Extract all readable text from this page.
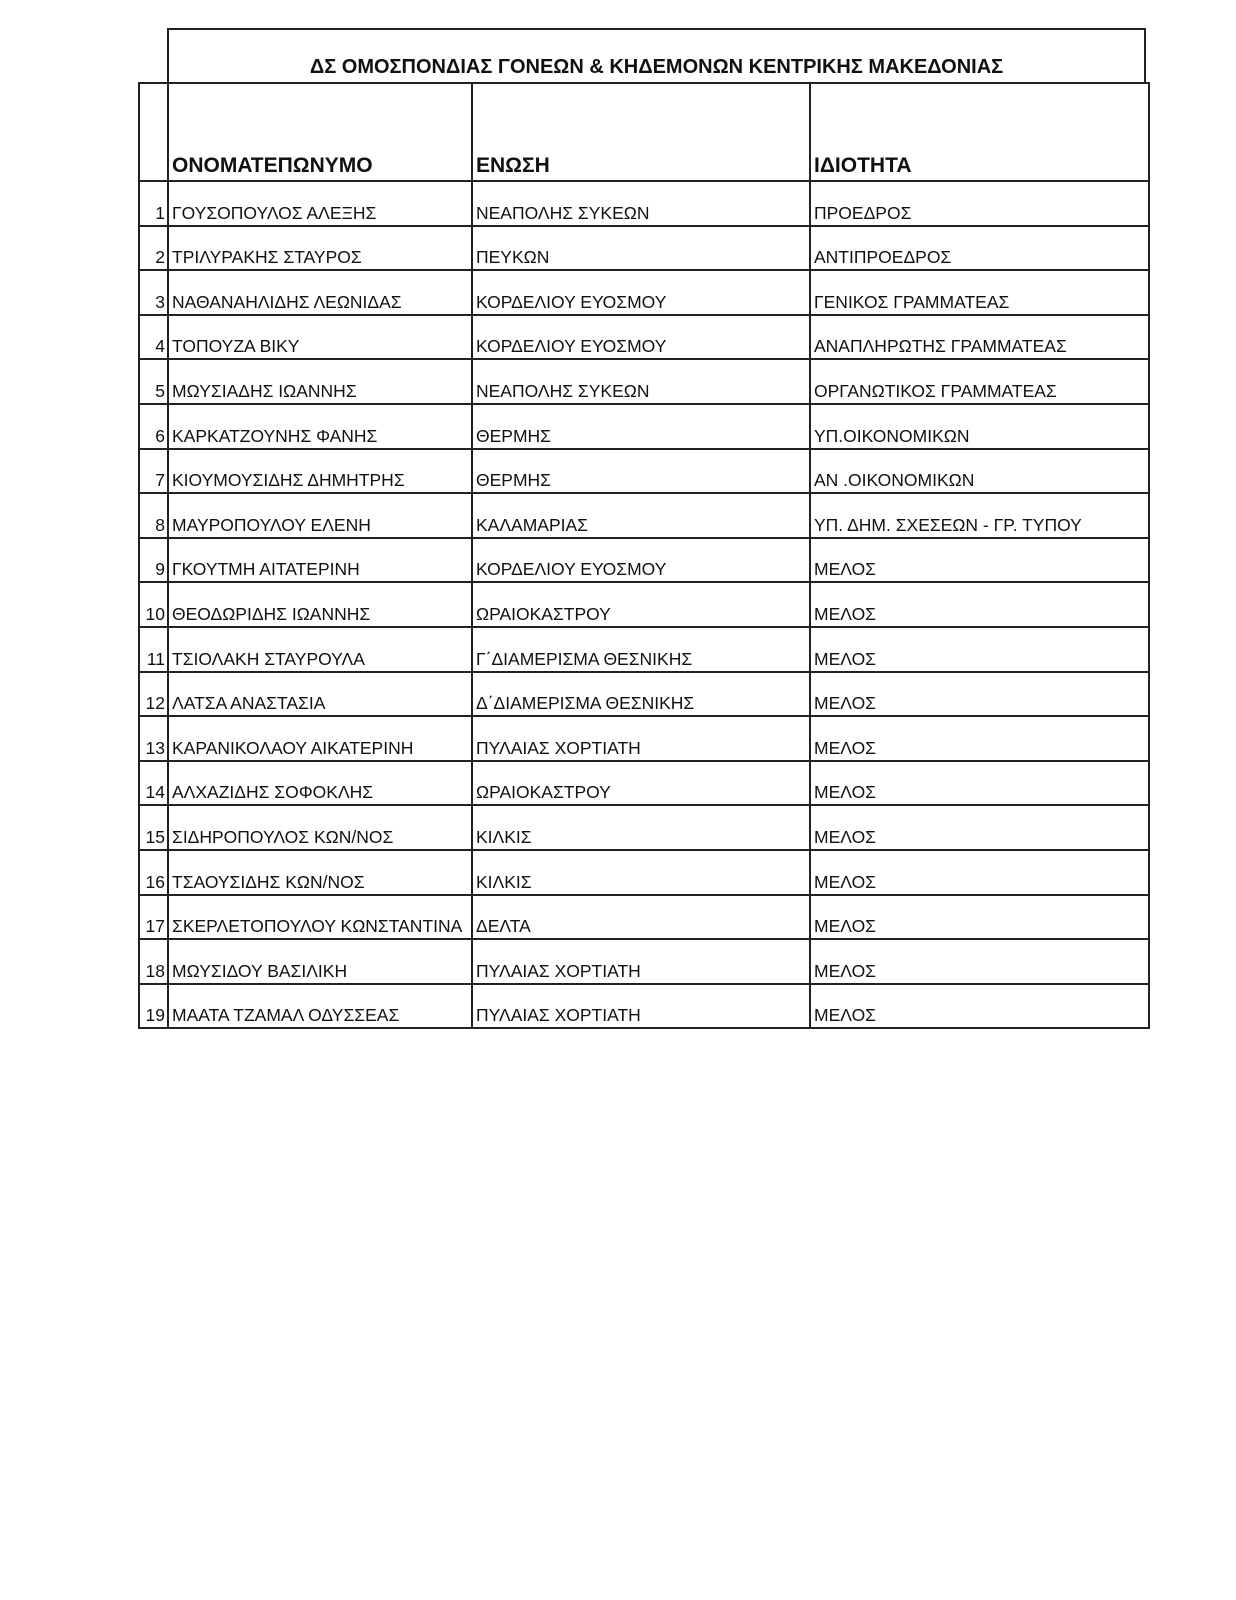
ΔΣ ΟΜΟΣΠΟΝΔΙΑΣ ΓΟΝΕΩΝ & ΚΗΔΕΜΟΝΩΝ ΚΕΝΤΡΙΚΗΣ ΜΑΚΕΔΟΝΙΑΣ
	ΟΝΟΜΑΤΕΠΩΝΥΜΟ	ΕΝΩΣΗ	ΙΔΙΟΤΗΤΑ
1	ΓΟΥΣΟΠΟΥΛΟΣ ΑΛΕΞΗΣ	ΝΕΑΠΟΛΗΣ ΣΥΚΕΩΝ	ΠΡΟΕΔΡΟΣ
2	ΤΡΙΛΥΡΑΚΗΣ ΣΤΑΥΡΟΣ	ΠΕΥΚΩΝ	ΑΝΤΙΠΡΟΕΔΡΟΣ
3	ΝΑΘΑΝΑΗΛΙΔΗΣ ΛΕΩΝΙΔΑΣ	ΚΟΡΔΕΛΙΟΥ ΕΥΟΣΜΟΥ	ΓΕΝΙΚΟΣ ΓΡΑΜΜΑΤΕΑΣ
4	ΤΟΠΟΥΖΑ ΒΙΚΥ	ΚΟΡΔΕΛΙΟΥ ΕΥΟΣΜΟΥ	ΑΝΑΠΛΗΡΩΤΗΣ ΓΡΑΜΜΑΤΕΑΣ
5	ΜΩΥΣΙΑΔΗΣ ΙΩΑΝΝΗΣ	ΝΕΑΠΟΛΗΣ ΣΥΚΕΩΝ	ΟΡΓΑΝΩΤΙΚΟΣ ΓΡΑΜΜΑΤΕΑΣ
6	ΚΑΡΚΑΤΖΟΥΝΗΣ ΦΑΝΗΣ	ΘΕΡΜΗΣ	ΥΠ.ΟΙΚΟΝΟΜΙΚΩΝ
7	ΚΙΟΥΜΟΥΣΙΔΗΣ ΔΗΜΗΤΡΗΣ	ΘΕΡΜΗΣ	ΑΝ .ΟΙΚΟΝΟΜΙΚΩΝ
8	ΜΑΥΡΟΠΟΥΛΟΥ ΕΛΕΝΗ	ΚΑΛΑΜΑΡΙΑΣ	ΥΠ. ΔΗΜ. ΣΧΕΣΕΩΝ - ΓΡ. ΤΥΠΟΥ
9	ΓΚΟΥΤΜΗ ΑΙΤΑΤΕΡΙΝΗ	ΚΟΡΔΕΛΙΟΥ ΕΥΟΣΜΟΥ	ΜΕΛΟΣ
10	ΘΕΟΔΩΡΙΔΗΣ ΙΩΑΝΝΗΣ	ΩΡΑΙΟΚΑΣΤΡΟΥ	ΜΕΛΟΣ
11	ΤΣΙΟΛΑΚΗ ΣΤΑΥΡΟΥΛΑ	Γ΄ΔΙΑΜΕΡΙΣΜΑ ΘΕΣΝΙΚΗΣ	ΜΕΛΟΣ
12	ΛΑΤΣΑ ΑΝΑΣΤΑΣΙΑ	Δ΄ΔΙΑΜΕΡΙΣΜΑ ΘΕΣΝΙΚΗΣ	ΜΕΛΟΣ
13	ΚΑΡΑΝΙΚΟΛΑΟΥ ΑΙΚΑΤΕΡΙΝΗ	ΠΥΛΑΙΑΣ ΧΟΡΤΙΑΤΗ	ΜΕΛΟΣ
14	ΑΛΧΑΖΙΔΗΣ ΣΟΦΟΚΛΗΣ	ΩΡΑΙΟΚΑΣΤΡΟΥ	ΜΕΛΟΣ
15	ΣΙΔΗΡΟΠΟΥΛΟΣ ΚΩΝ/ΝΟΣ	ΚΙΛΚΙΣ	ΜΕΛΟΣ
16	ΤΣΑΟΥΣΙΔΗΣ ΚΩΝ/ΝΟΣ	ΚΙΛΚΙΣ	ΜΕΛΟΣ
17	ΣΚΕΡΛΕΤΟΠΟΥΛΟΥ ΚΩΝΣΤΑΝΤΙΝΑ	ΔΕΛΤΑ	ΜΕΛΟΣ
18	ΜΩΥΣΙΔΟΥ ΒΑΣΙΛΙΚΗ	ΠΥΛΑΙΑΣ ΧΟΡΤΙΑΤΗ	ΜΕΛΟΣ
19	ΜΑΑΤΑ ΤΖΑΜΑΛ ΟΔΥΣΣΕΑΣ	ΠΥΛΑΙΑΣ ΧΟΡΤΙΑΤΗ	ΜΕΛΟΣ
